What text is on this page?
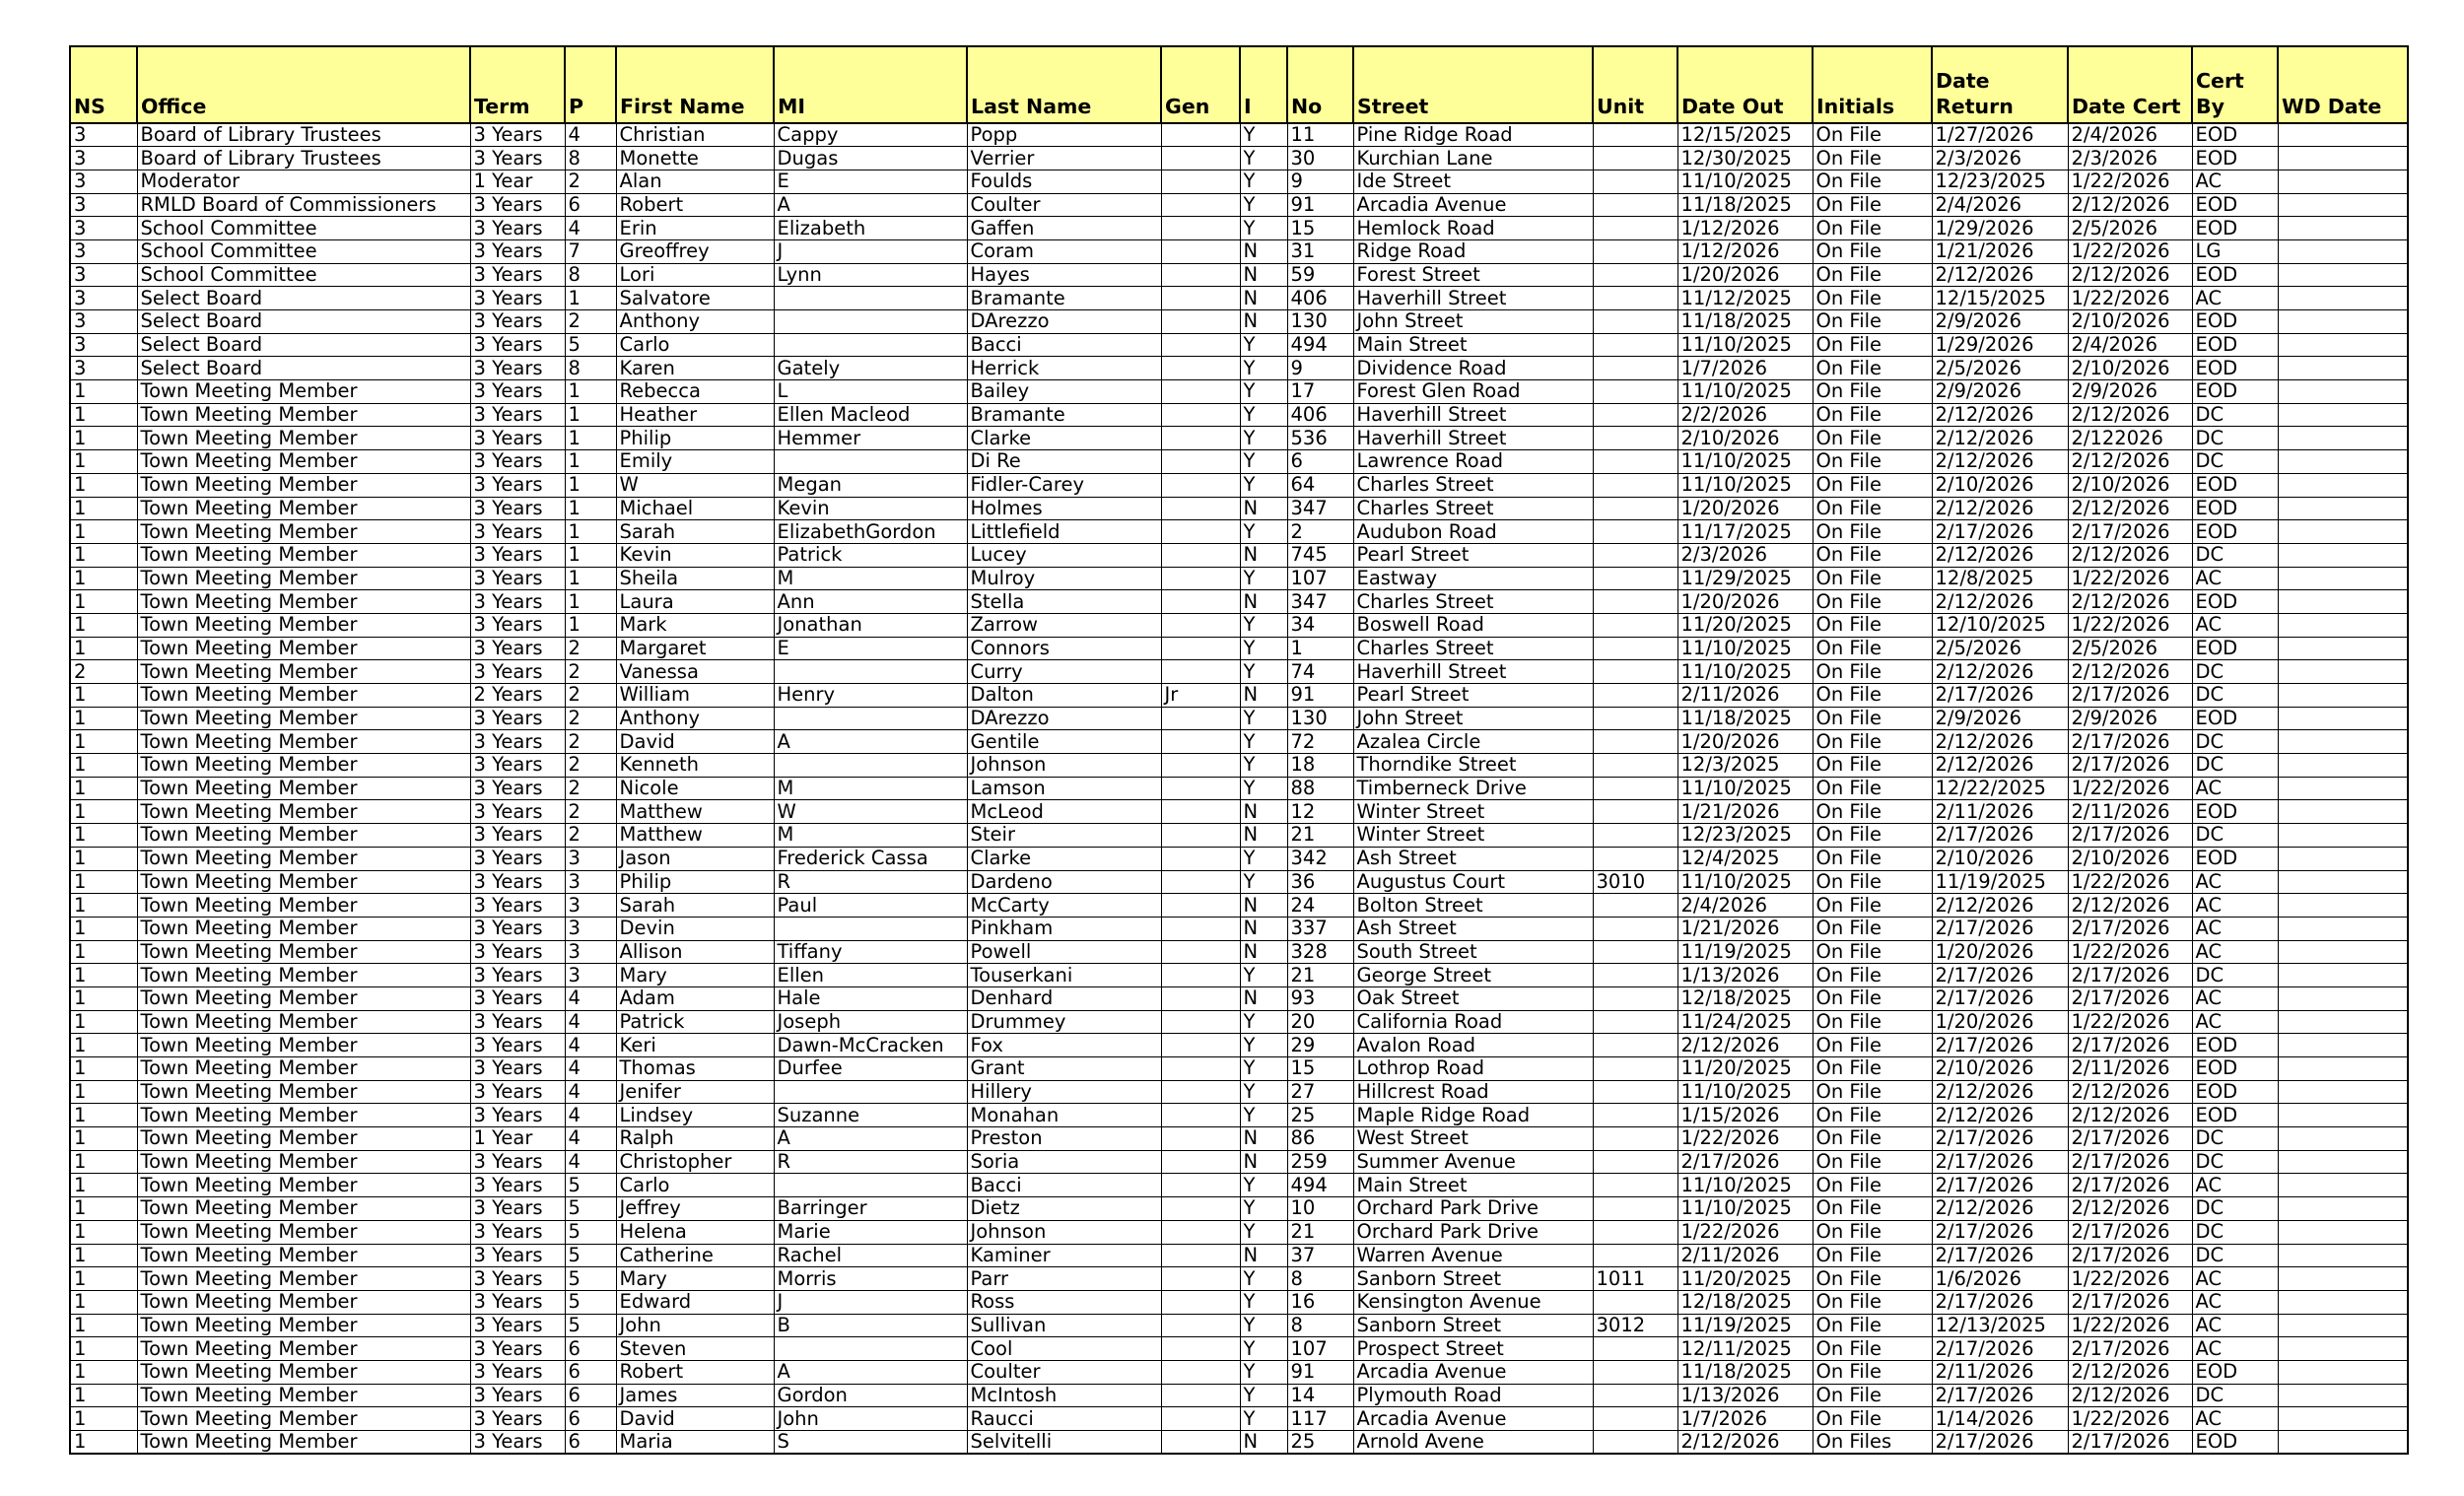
NS	Office	Term	P	First Name	MI	Last Name	Gen	I	No	Street	Unit	Date Out	Initials	Date Return	Date Cert	Cert By	WD Date
3	Board of Library Trustees	3 Years	4	Christian	Cappy	Popp		Y	11	Pine Ridge Road		12/15/2025	On File	1/27/2026	2/4/2026	EOD	
3	Board of Library Trustees	3 Years	8	Monette	Dugas	Verrier		Y	30	Kurchian Lane		12/30/2025	On File	2/3/2026	2/3/2026	EOD	
3	Moderator	1 Year	2	Alan	E	Foulds		Y	9	Ide Street		11/10/2025	On File	12/23/2025	1/22/2026	AC	
3	RMLD Board of Commissioners	3 Years	6	Robert	A	Coulter		Y	91	Arcadia Avenue		11/18/2025	On File	2/4/2026	2/12/2026	EOD	
3	School Committee	3 Years	4	Erin	Elizabeth	Gaffen		Y	15	Hemlock Road		1/12/2026	On File	1/29/2026	2/5/2026	EOD	
3	School Committee	3 Years	7	Greoffrey	J	Coram		N	31	Ridge Road		1/12/2026	On File	1/21/2026	1/22/2026	LG	
3	School Committee	3 Years	8	Lori	Lynn	Hayes		N	59	Forest Street		1/20/2026	On File	2/12/2026	2/12/2026	EOD	
3	Select Board	3 Years	1	Salvatore		Bramante		N	406	Haverhill Street		11/12/2025	On File	12/15/2025	1/22/2026	AC	
3	Select Board	3 Years	2	Anthony		DArezzo		N	130	John Street		11/18/2025	On File	2/9/2026	2/10/2026	EOD	
3	Select Board	3 Years	5	Carlo		Bacci		Y	494	Main Street		11/10/2025	On File	1/29/2026	2/4/2026	EOD	
3	Select Board	3 Years	8	Karen	Gately	Herrick		Y	9	Dividence Road		1/7/2026	On File	2/5/2026	2/10/2026	EOD	
1	Town Meeting Member	3 Years	1	Rebecca	L	Bailey		Y	17	Forest Glen Road		11/10/2025	On File	2/9/2026	2/9/2026	EOD	
1	Town Meeting Member	3 Years	1	Heather	Ellen Macleod	Bramante		Y	406	Haverhill Street		2/2/2026	On File	2/12/2026	2/12/2026	DC	
1	Town Meeting Member	3 Years	1	Philip	Hemmer	Clarke		Y	536	Haverhill Street		2/10/2026	On File	2/12/2026	2/122026	DC	
1	Town Meeting Member	3 Years	1	Emily		Di Re		Y	6	Lawrence Road		11/10/2025	On File	2/12/2026	2/12/2026	DC	
1	Town Meeting Member	3 Years	1	W	Megan	Fidler-Carey		Y	64	Charles Street		11/10/2025	On File	2/10/2026	2/10/2026	EOD	
1	Town Meeting Member	3 Years	1	Michael	Kevin	Holmes		N	347	Charles Street		1/20/2026	On File	2/12/2026	2/12/2026	EOD	
1	Town Meeting Member	3 Years	1	Sarah	ElizabethGordon	Littlefield		Y	2	Audubon Road		11/17/2025	On File	2/17/2026	2/17/2026	EOD	
1	Town Meeting Member	3 Years	1	Kevin	Patrick	Lucey		N	745	Pearl Street		2/3/2026	On File	2/12/2026	2/12/2026	DC	
1	Town Meeting Member	3 Years	1	Sheila	M	Mulroy		Y	107	Eastway		11/29/2025	On File	12/8/2025	1/22/2026	AC	
1	Town Meeting Member	3 Years	1	Laura	Ann	Stella		N	347	Charles Street		1/20/2026	On File	2/12/2026	2/12/2026	EOD	
1	Town Meeting Member	3 Years	1	Mark	Jonathan	Zarrow		Y	34	Boswell Road		11/20/2025	On File	12/10/2025	1/22/2026	AC	
1	Town Meeting Member	3 Years	2	Margaret	E	Connors		Y	1	Charles Street		11/10/2025	On File	2/5/2026	2/5/2026	EOD	
2	Town Meeting Member	3 Years	2	Vanessa		Curry		Y	74	Haverhill Street		11/10/2025	On File	2/12/2026	2/12/2026	DC	
1	Town Meeting Member	2 Years	2	William	Henry	Dalton	Jr	N	91	Pearl Street		2/11/2026	On File	2/17/2026	2/17/2026	DC	
1	Town Meeting Member	3 Years	2	Anthony		DArezzo		Y	130	John Street		11/18/2025	On File	2/9/2026	2/9/2026	EOD	
1	Town Meeting Member	3 Years	2	David	A	Gentile		Y	72	Azalea Circle		1/20/2026	On File	2/12/2026	2/17/2026	DC	
1	Town Meeting Member	3 Years	2	Kenneth		Johnson		Y	18	Thorndike Street		12/3/2025	On File	2/12/2026	2/17/2026	DC	
1	Town Meeting Member	3 Years	2	Nicole	M	Lamson		Y	88	Timberneck Drive		11/10/2025	On File	12/22/2025	1/22/2026	AC	
1	Town Meeting Member	3 Years	2	Matthew	W	McLeod		N	12	Winter Street		1/21/2026	On File	2/11/2026	2/11/2026	EOD	
1	Town Meeting Member	3 Years	2	Matthew	M	Steir		N	21	Winter Street		12/23/2025	On File	2/17/2026	2/17/2026	DC	
1	Town Meeting Member	3 Years	3	Jason	Frederick Cassa	Clarke		Y	342	Ash Street		12/4/2025	On File	2/10/2026	2/10/2026	EOD	
1	Town Meeting Member	3 Years	3	Philip	R	Dardeno		Y	36	Augustus Court	3010	11/10/2025	On File	11/19/2025	1/22/2026	AC	
1	Town Meeting Member	3 Years	3	Sarah	Paul	McCarty		N	24	Bolton Street		2/4/2026	On File	2/12/2026	2/12/2026	AC	
1	Town Meeting Member	3 Years	3	Devin		Pinkham		N	337	Ash Street		1/21/2026	On File	2/17/2026	2/17/2026	AC	
1	Town Meeting Member	3 Years	3	Allison	Tiffany	Powell		N	328	South Street		11/19/2025	On File	1/20/2026	1/22/2026	AC	
1	Town Meeting Member	3 Years	3	Mary	Ellen	Touserkani		Y	21	George Street		1/13/2026	On File	2/17/2026	2/17/2026	DC	
1	Town Meeting Member	3 Years	4	Adam	Hale	Denhard		N	93	Oak Street		12/18/2025	On File	2/17/2026	2/17/2026	AC	
1	Town Meeting Member	3 Years	4	Patrick	Joseph	Drummey		Y	20	California Road		11/24/2025	On File	1/20/2026	1/22/2026	AC	
1	Town Meeting Member	3 Years	4	Keri	Dawn-McCracken	Fox		Y	29	Avalon Road		2/12/2026	On File	2/17/2026	2/17/2026	EOD	
1	Town Meeting Member	3 Years	4	Thomas	Durfee	Grant		Y	15	Lothrop Road		11/20/2025	On File	2/10/2026	2/11/2026	EOD	
1	Town Meeting Member	3 Years	4	Jenifer		Hillery		Y	27	Hillcrest Road		11/10/2025	On File	2/12/2026	2/12/2026	EOD	
1	Town Meeting Member	3 Years	4	Lindsey	Suzanne	Monahan		Y	25	Maple Ridge Road		1/15/2026	On File	2/12/2026	2/12/2026	EOD	
1	Town Meeting Member	1 Year	4	Ralph	A	Preston		N	86	West Street		1/22/2026	On File	2/17/2026	2/17/2026	DC	
1	Town Meeting Member	3 Years	4	Christopher	R	Soria		N	259	Summer Avenue		2/17/2026	On File	2/17/2026	2/17/2026	DC	
1	Town Meeting Member	3 Years	5	Carlo		Bacci		Y	494	Main Street		11/10/2025	On File	2/17/2026	2/17/2026	AC	
1	Town Meeting Member	3 Years	5	Jeffrey	Barringer	Dietz		Y	10	Orchard Park Drive		11/10/2025	On File	2/12/2026	2/12/2026	DC	
1	Town Meeting Member	3 Years	5	Helena	Marie	Johnson		Y	21	Orchard Park Drive		1/22/2026	On File	2/17/2026	2/17/2026	DC	
1	Town Meeting Member	3 Years	5	Catherine	Rachel	Kaminer		N	37	Warren Avenue		2/11/2026	On File	2/17/2026	2/17/2026	DC	
1	Town Meeting Member	3 Years	5	Mary	Morris	Parr		Y	8	Sanborn Street	1011	11/20/2025	On File	1/6/2026	1/22/2026	AC	
1	Town Meeting Member	3 Years	5	Edward	J	Ross		Y	16	Kensington Avenue		12/18/2025	On File	2/17/2026	2/17/2026	AC	
1	Town Meeting Member	3 Years	5	John	B	Sullivan		Y	8	Sanborn Street	3012	11/19/2025	On File	12/13/2025	1/22/2026	AC	
1	Town Meeting Member	3 Years	6	Steven		Cool		Y	107	Prospect Street		12/11/2025	On File	2/17/2026	2/17/2026	AC	
1	Town Meeting Member	3 Years	6	Robert	A	Coulter		Y	91	Arcadia Avenue		11/18/2025	On File	2/11/2026	2/12/2026	EOD	
1	Town Meeting Member	3 Years	6	James	Gordon	McIntosh		Y	14	Plymouth Road		1/13/2026	On File	2/17/2026	2/12/2026	DC	
1	Town Meeting Member	3 Years	6	David	John	Raucci		Y	117	Arcadia Avenue		1/7/2026	On File	1/14/2026	1/22/2026	AC	
1	Town Meeting Member	3 Years	6	Maria	S	Selvitelli		N	25	Arnold Avene		2/12/2026	On Files	2/17/2026	2/17/2026	EOD	
